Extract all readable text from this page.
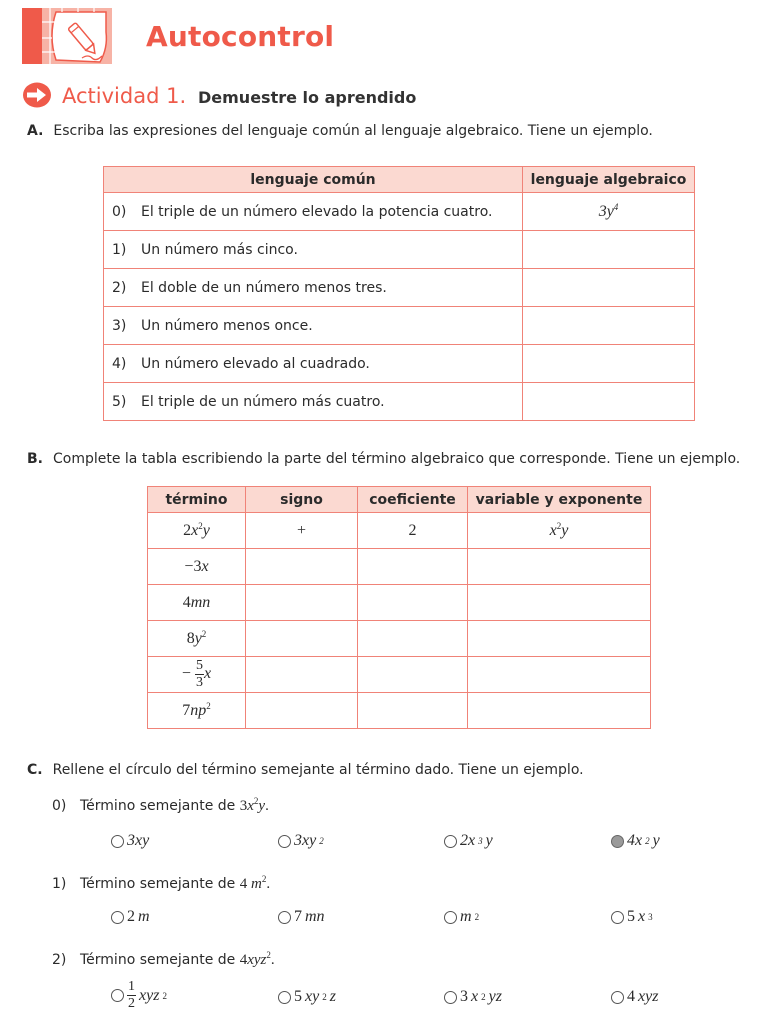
Autocontrol
Actividad 1. Demuestre lo aprendido
A. Escriba las expresiones del lenguaje común al lenguaje algebraico. Tiene un ejemplo.
lenguaje común	lenguaje algebraico
0) El triple de un número elevado la potencia cuatro.	$3y^4$
1) Un número más cinco.	
2) El doble de un número menos tres.	
3) Un número menos once.	
4) Un número elevado al cuadrado.	
5) El triple de un número más cuatro.	
B. Complete la tabla escribiendo la parte del término algebraico que corresponde. Tiene un ejemplo.
término	signo	coeficiente	variable y exponente
$2x^2y$	+	2	$x^2y$
−3x			
4mn			
$8y^2$			
− $\frac{5}{3}$ x			
$7np^2$			
C. Rellene el círculo del término semejante al término dado. Tiene un ejemplo.
0) Término semejante de $3x^2y$.
3xy	3xy 2	2x 3 y	4x 2 y
1) Término semejante de 4 $m^2$.
2 m	7 mn	m 2	5 x 3
2) Término semejante de 4xyz$^2$.
$\frac{1}{2}$ xyz 2	5 xy 2 z	3 x 2 yz	4 xyz
